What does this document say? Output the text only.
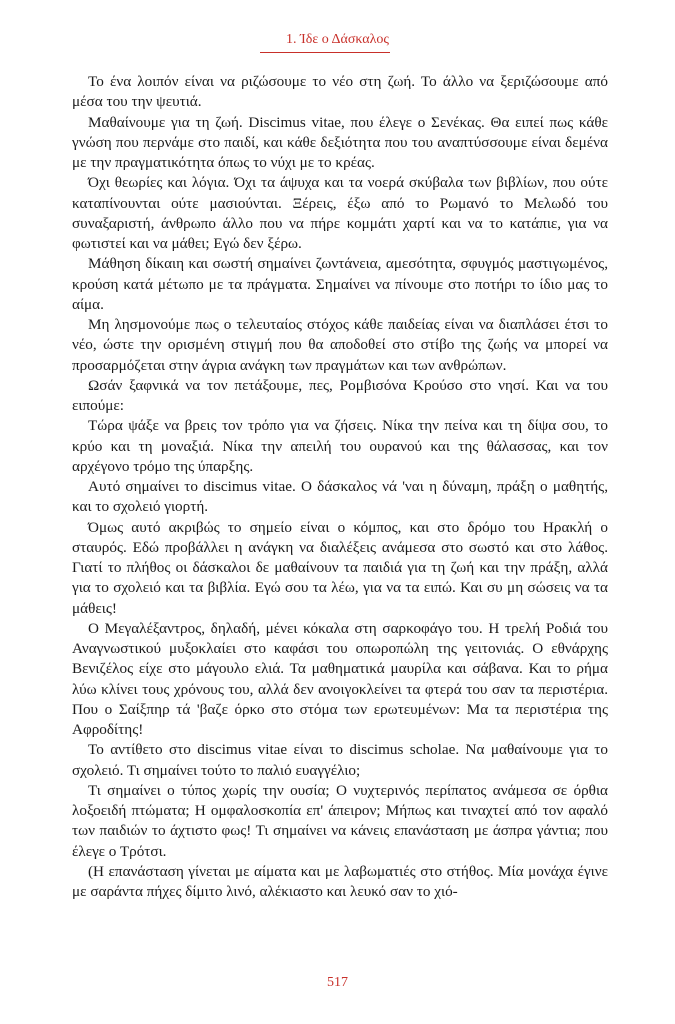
1. Ίδε ο Δάσκαλος

Το ένα λοιπόν είναι να ριζώσουμε το νέο στη ζωή. Το άλλο να ξεριζώσουμε από μέσα του την ψευτιά.

Μαθαίνουμε για τη ζωή. Discimus vitae, που έλεγε ο Σενέκας. Θα ειπεί πως κάθε γνώση που περνάμε στο παιδί, και κάθε δεξιότητα που του αναπτύσσουμε είναι δεμένα με την πραγματικότητα όπως το νύχι με το κρέας.

Όχι θεωρίες και λόγια. Όχι τα άψυχα και τα νοερά σκύβαλα των βιβλίων, που ούτε καταπίνουνται ούτε μασιούνται. Ξέρεις, έξω από το Ρωμανό το Μελωδό του συναξαριστή, άνθρωπο άλλο που να πήρε κομμάτι χαρτί και να το κατάπιε, για να φωτιστεί και να μάθει; Εγώ δεν ξέρω.

Μάθηση δίκαιη και σωστή σημαίνει ζωντάνεια, αμεσότητα, σφυγμός μαστιγωμένος, κρούση κατά μέτωπο με τα πράγματα. Σημαίνει να πίνουμε στο ποτήρι το ίδιο μας το αίμα.

Μη λησμονούμε πως ο τελευταίος στόχος κάθε παιδείας είναι να διαπλάσει έτσι το νέο, ώστε την ορισμένη στιγμή που θα αποδοθεί στο στίβο της ζωής να μπορεί να προσαρμόζεται στην άγρια ανάγκη των πραγμάτων και των ανθρώπων.

Ωσάν ξαφνικά να τον πετάξουμε, πες, Ρομβισόνα Κρούσο στο νησί. Και να του ειπούμε:

Τώρα ψάξε να βρεις τον τρόπο για να ζήσεις. Νίκα την πείνα και τη δίψα σου, το κρύο και τη μοναξιά. Νίκα την απειλή του ουρανού και της θάλασσας, και τον αρχέγονο τρόμο της ύπαρξης.

Αυτό σημαίνει το discimus vitae. Ο δάσκαλος νά 'ναι η δύναμη, πράξη ο μαθητής, και το σχολειό γιορτή.

Όμως αυτό ακριβώς το σημείο είναι ο κόμπος, και στο δρόμο του Ηρακλή ο σταυρός. Εδώ προβάλλει η ανάγκη να διαλέξεις ανάμεσα στο σωστό και στο λάθος. Γιατί το πλήθος οι δάσκαλοι δε μαθαίνουν τα παιδιά για τη ζωή και την πράξη, αλλά για το σχολειό και τα βιβλία. Εγώ σου τα λέω, για να τα ειπώ. Και συ μη σώσεις να τα μάθεις!

Ο Μεγαλέξαντρος, δηλαδή, μένει κόκαλα στη σαρκοφάγο του. Η τρελή Ροδιά του Αναγνωστικού μυξοκλαίει στο καφάσι του οπωροπώλη της γειτονιάς. Ο εθνάρχης Βενιζέλος είχε στο μάγουλο ελιά. Τα μαθηματικά μαυρίλα και σάβανα. Και το ρήμα λύω κλίνει τους χρόνους του, αλλά δεν ανοιγοκλείνει τα φτερά του σαν τα περιστέρια. Που ο Σαίξπηρ τά 'βαζε όρκο στο στόμα των ερωτευμένων: Μα τα περιστέρια της Αφροδίτης!

Το αντίθετο στο discimus vitae είναι το discimus scholae. Να μαθαίνουμε για το σχολειό. Τι σημαίνει τούτο το παλιό ευαγγέλιο;

Τι σημαίνει ο τύπος χωρίς την ουσία; Ο νυχτερινός περίπατος ανάμεσα σε όρθια λοξοειδή πτώματα; Η ομφαλοσκοπία επ' άπειρον; Μήπως και τιναχτεί από τον αφαλό των παιδιών το άχτιστο φως! Τι σημαίνει να κάνεις επανάσταση με άσπρα γάντια; που έλεγε ο Τρότσι.

(Η επανάσταση γίνεται με αίματα και με λαβωματιές στο στήθος. Μία μονάχα έγινε με σαράντα πήχες δίμιτο λινό, αλέκιαστο και λευκό σαν το χιό-

517
